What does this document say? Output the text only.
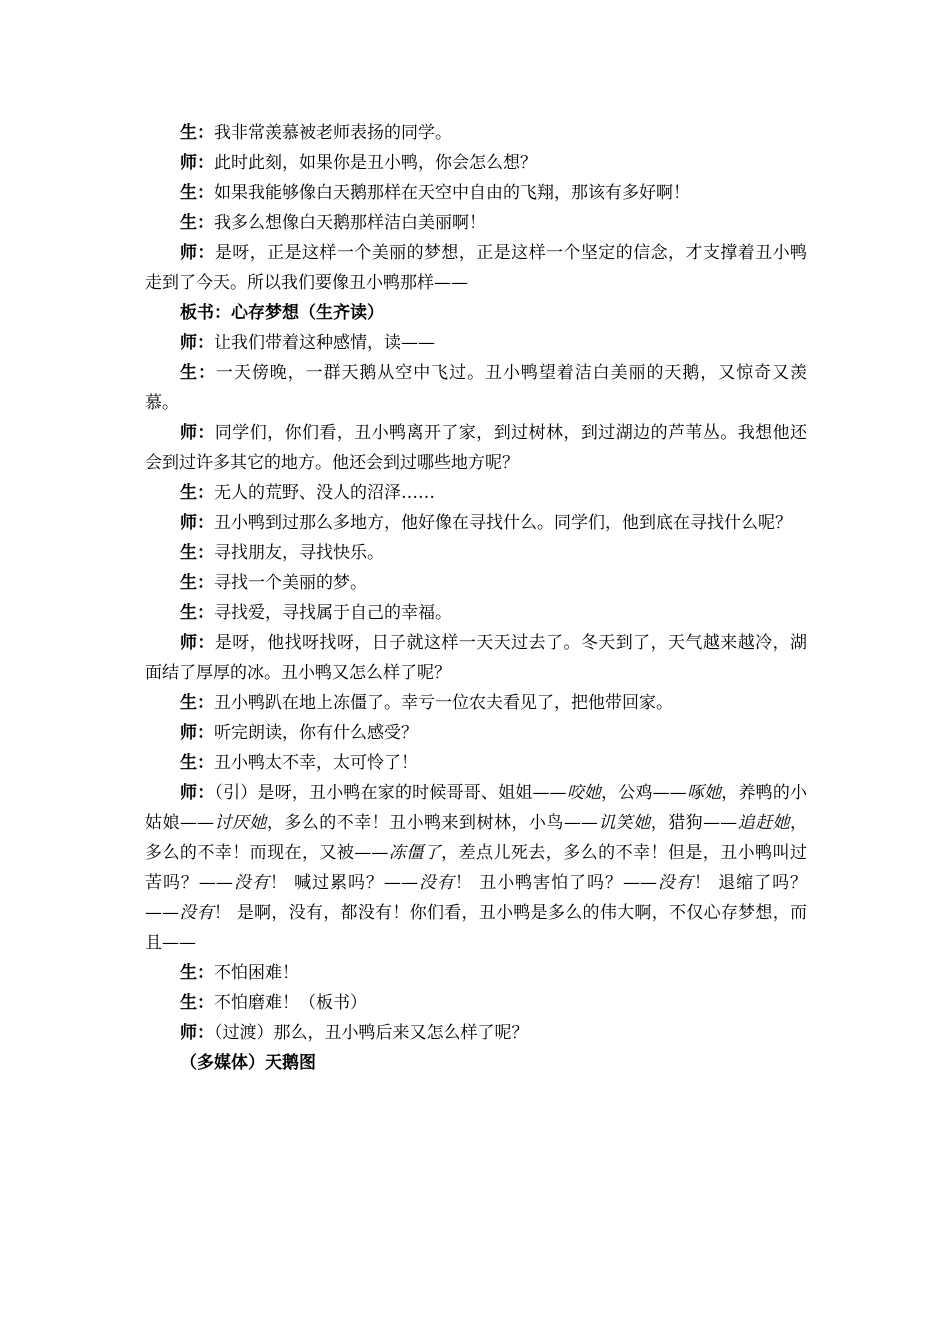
生：我非常羡慕被老师表扬的同学。

师：此时此刻，如果你是丑小鸭，你会怎么想？

生：如果我能够像白天鹅那样在天空中自由的飞翔，那该有多好啊！

生：我多么想像白天鹅那样洁白美丽啊！

师：是呀，正是这样一个美丽的梦想，正是这样一个坚定的信念，才支撑着丑小鸭走到了今天。所以我们要像丑小鸭那样——

板书：心存梦想（生齐读）

师：让我们带着这种感情，读——

生：一天傍晚，一群天鹅从空中飞过。丑小鸭望着洁白美丽的天鹅，又惊奇又羡慕。

师：同学们，你们看，丑小鸭离开了家，到过树林，到过湖边的芦苇丛。我想他还会到过许多其它的地方。他还会到过哪些地方呢？

生：无人的荒野、没人的沼泽……

师：丑小鸭到过那么多地方，他好像在寻找什么。同学们，他到底在寻找什么呢？

生：寻找朋友，寻找快乐。

生：寻找一个美丽的梦。

生：寻找爱，寻找属于自己的幸福。

师：是呀，他找呀找呀，日子就这样一天天过去了。冬天到了，天气越来越冷，湖面结了厚厚的冰。丑小鸭又怎么样了呢？

生：丑小鸭趴在地上冻僵了。幸亏一位农夫看见了，把他带回家。

师：听完朗读，你有什么感受？

生：丑小鸭太不幸，太可怜了！

师：（引）是呀，丑小鸭在家的时候哥哥、姐姐——咬她，公鸡——啄她，养鸭的小姑娘——讨厌她，多么的不幸！丑小鸭来到树林，小鸟——讥笑她，猎狗——追赶她，多么的不幸！而现在，又被——冻僵了，差点儿死去，多么的不幸！但是，丑小鸭叫过苦吗？——没有！ 喊过累吗？——没有！ 丑小鸭害怕了吗？——没有！ 退缩了吗？——没有！ 是啊，没有，都没有！你们看，丑小鸭是多么的伟大啊，不仅心存梦想，而且——

生：不怕困难！

生：不怕磨难！（板书）

师：（过渡）那么，丑小鸭后来又怎么样了呢？

（多媒体）天鹅图
